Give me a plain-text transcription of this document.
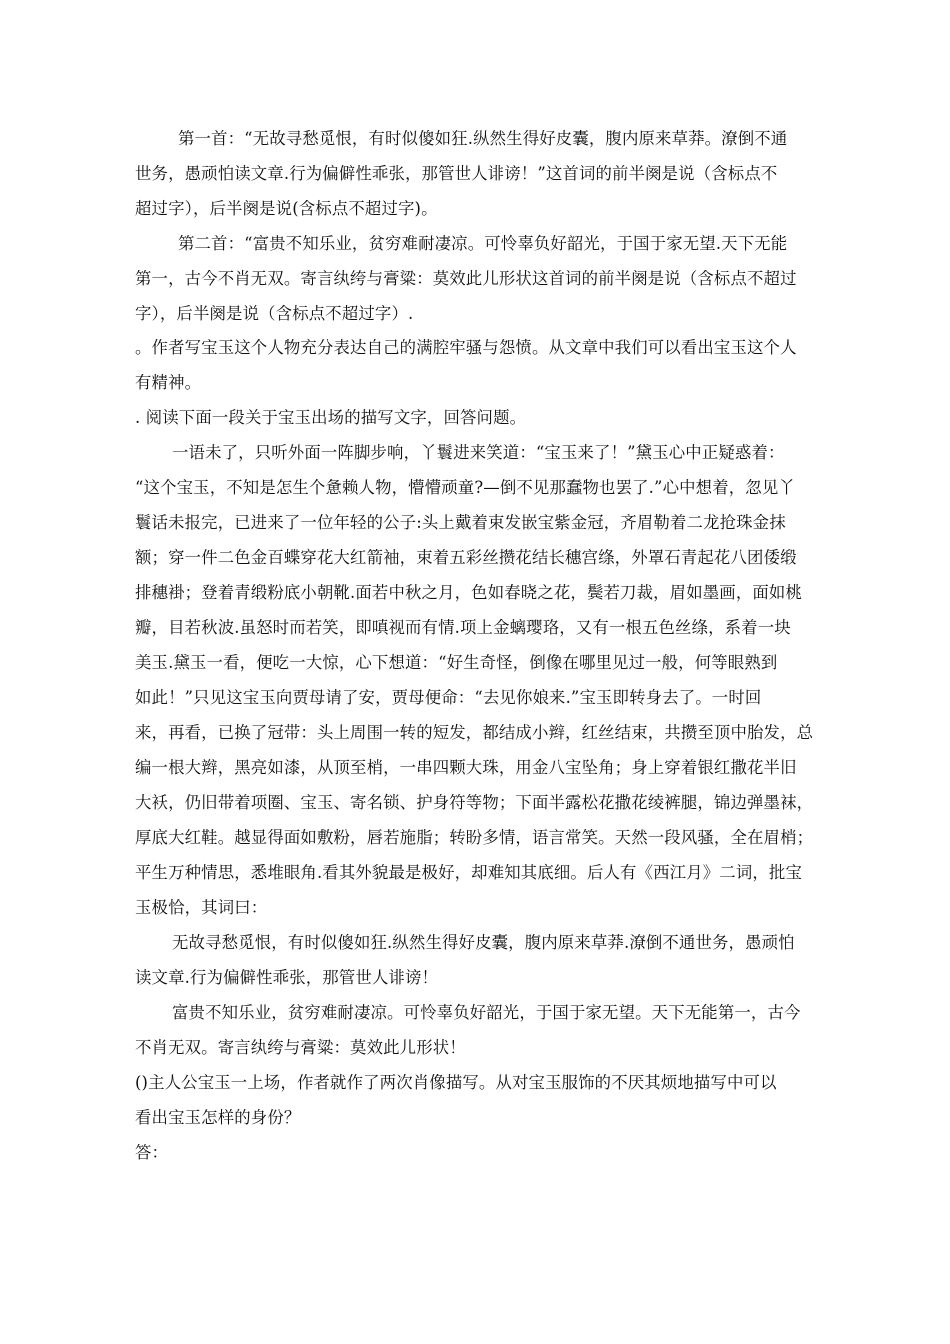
第一首：“无故寻愁觅恨，有时似傻如狂.纵然生得好皮囊，腹内原来草莽。潦倒不通
世务，愚顽怕读文章.行为偏僻性乖张，那管世人诽谤！”这首词的前半阕是说（含标点不
超过字），后半阕是说(含标点不超过字)。
第二首：“富贵不知乐业，贫穷难耐凄凉。可怜辜负好韶光，于国于家无望.天下无能
第一，古今不肖无双。寄言纨绔与膏粱：莫效此儿形状这首词的前半阕是说（含标点不超过
字），后半阕是说（含标点不超过字）.
。作者写宝玉这个人物充分表达自己的满腔牢骚与怨愤。从文章中我们可以看出宝玉这个人
有精神。
. 阅读下面一段关于宝玉出场的描写文字，回答问题。
一语未了，只听外面一阵脚步响，丫鬟进来笑道：“宝玉来了！”黛玉心中正疑惑着：
“这个宝玉，不知是怎生个惫赖人物，懵懵顽童?—倒不见那蠢物也罢了.”心中想着，忽见丫
鬟话未报完，已进来了一位年轻的公子:头上戴着束发嵌宝紫金冠，齐眉勒着二龙抢珠金抹
额；穿一件二色金百蝶穿花大红箭袖，束着五彩丝攒花结长穗宫绦，外罩石青起花八团倭缎
排穗褂；登着青缎粉底小朝靴.面若中秋之月，色如春晓之花，鬓若刀裁，眉如墨画，面如桃
瓣，目若秋波.虽怒时而若笑，即嗔视而有情.项上金螭璎珞，又有一根五色丝绦，系着一块
美玉.黛玉一看，便吃一大惊，心下想道：“好生奇怪，倒像在哪里见过一般，何等眼熟到
如此！”只见这宝玉向贾母请了安，贾母便命：“去见你娘来.”宝玉即转身去了。一时回
来，再看，已换了冠带：头上周围一转的短发，都结成小辫，红丝结束，共攒至顶中胎发，总
编一根大辫，黑亮如漆，从顶至梢，一串四颗大珠，用金八宝坠角；身上穿着银红撒花半旧
大袄，仍旧带着项圈、宝玉、寄名锁、护身符等物；下面半露松花撒花绫裤腿，锦边弹墨袜，
厚底大红鞋。越显得面如敷粉，唇若施脂；转盼多情，语言常笑。天然一段风骚，全在眉梢；
平生万种情思，悉堆眼角.看其外貌最是极好，却难知其底细。后人有《西江月》二词，批宝
玉极恰，其词曰：
无故寻愁觅恨，有时似傻如狂.纵然生得好皮囊，腹内原来草莽.潦倒不通世务，愚顽怕
读文章.行为偏僻性乖张，那管世人诽谤！
富贵不知乐业，贫穷难耐凄凉。可怜辜负好韶光，于国于家无望。天下无能第一，古今
不肖无双。寄言纨绔与膏粱：莫效此儿形状！
()主人公宝玉一上场，作者就作了两次肖像描写。从对宝玉服饰的不厌其烦地描写中可以
看出宝玉怎样的身份？
答：
